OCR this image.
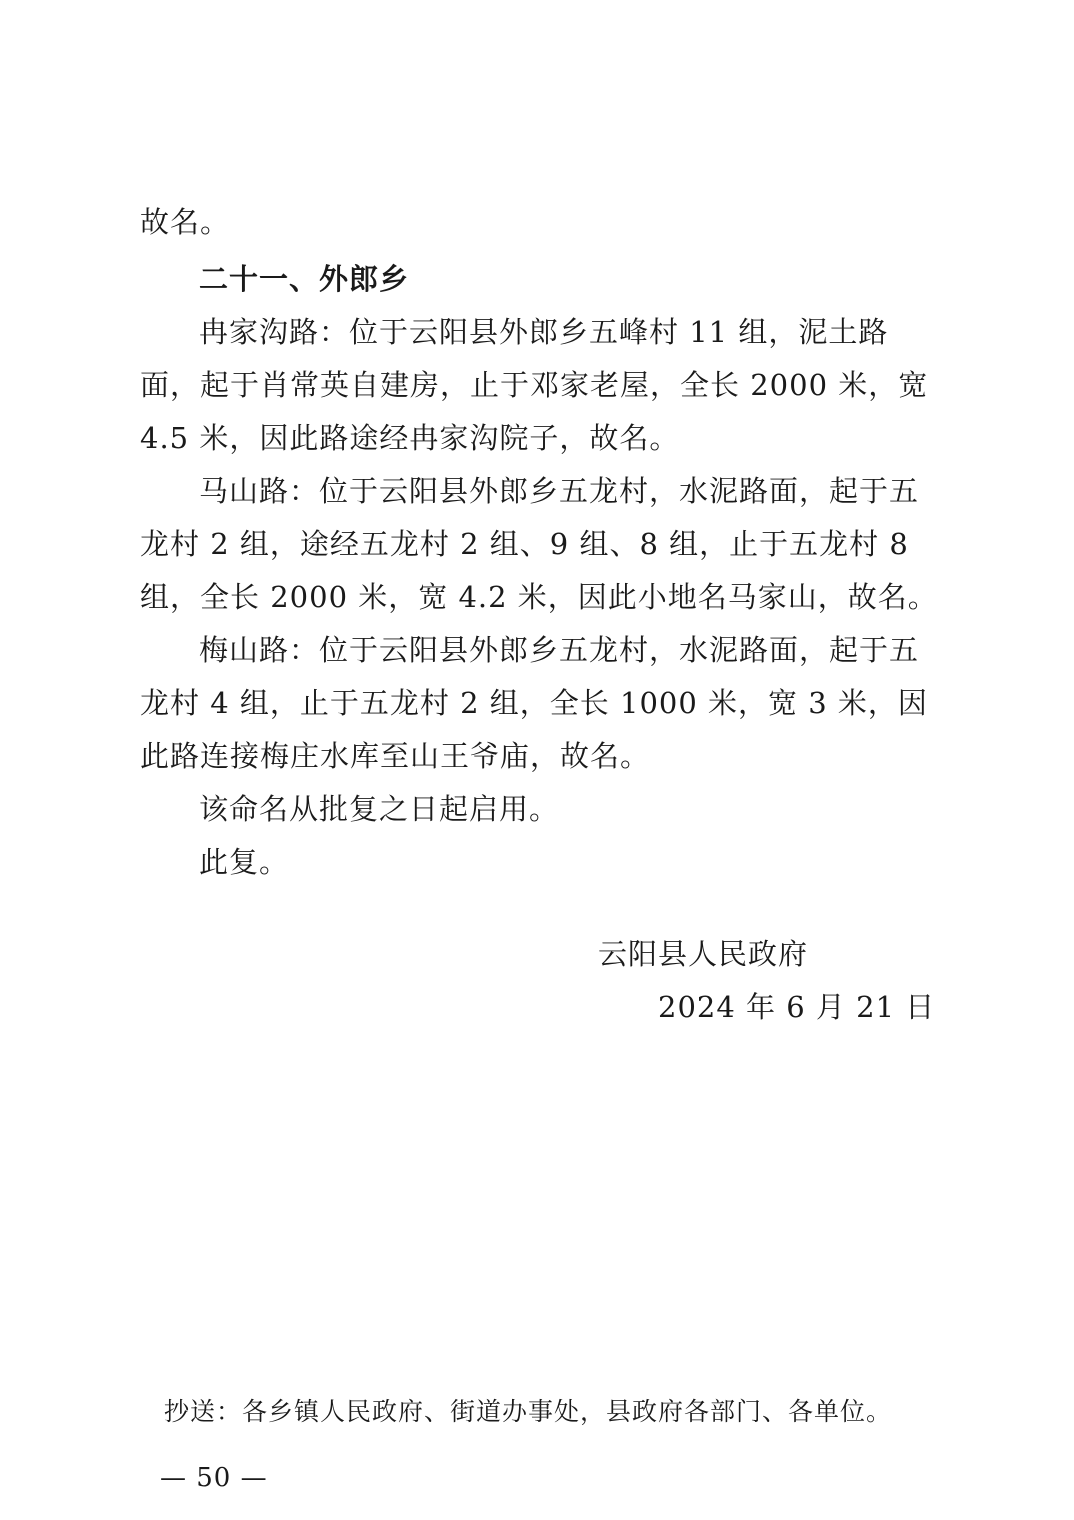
故名。

二十一、外郎乡

冉家沟路：位于云阳县外郎乡五峰村 11 组，泥土路面，起于肖常英自建房，止于邓家老屋，全长 2000 米，宽 4.5 米，因此路途经冉家沟院子，故名。

马山路：位于云阳县外郎乡五龙村，水泥路面，起于五龙村 2 组，途经五龙村 2 组、9 组、8 组，止于五龙村 8 组，全长 2000 米，宽 4.2 米，因此小地名马家山，故名。

梅山路：位于云阳县外郎乡五龙村，水泥路面，起于五龙村 4 组，止于五龙村 2 组，全长 1000 米，宽 3 米，因此路连接梅庄水库至山王爷庙，故名。

该命名从批复之日起启用。

此复。

云阳县人民政府
2024 年 6 月 21 日
抄送：各乡镇人民政府、街道办事处，县政府各部门、各单位。
— 50 —
